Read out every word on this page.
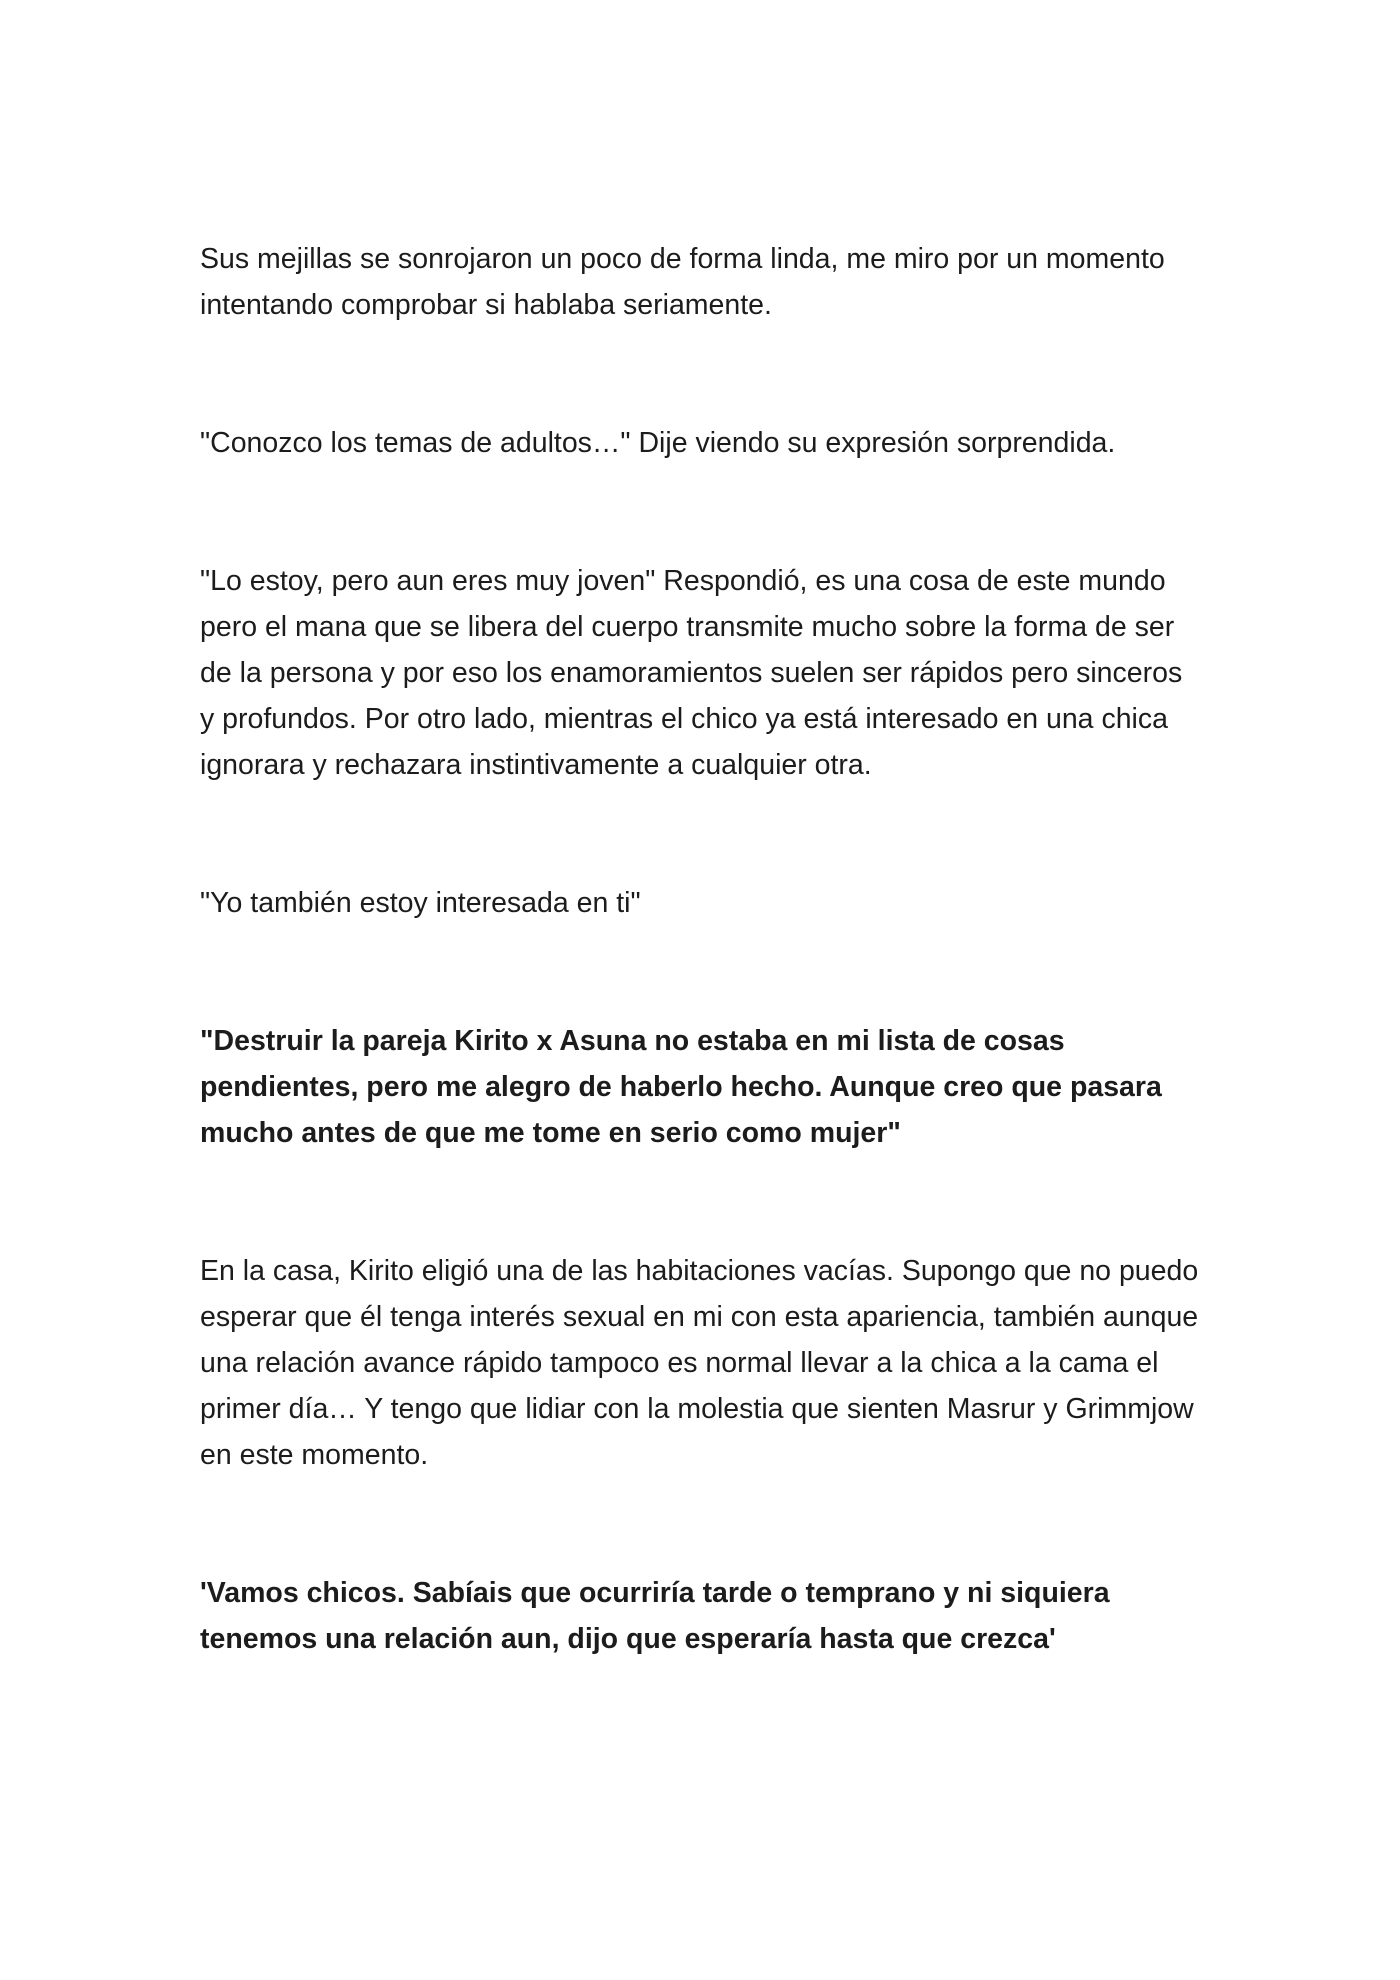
Sus mejillas se sonrojaron un poco de forma linda, me miro por un momento intentando comprobar si hablaba seriamente.

"Conozco los temas de adultos…" Dije viendo su expresión sorprendida.

"Lo estoy, pero aun eres muy joven" Respondió, es una cosa de este mundo pero el mana que se libera del cuerpo transmite mucho sobre la forma de ser de la persona y por eso los enamoramientos suelen ser rápidos pero sinceros y profundos. Por otro lado, mientras el chico ya está interesado en una chica ignorara y rechazara instintivamente a cualquier otra.

"Yo también estoy interesada en ti"

"Destruir la pareja Kirito x Asuna no estaba en mi lista de cosas pendientes, pero me alegro de haberlo hecho. Aunque creo que pasara mucho antes de que me tome en serio como mujer"

En la casa, Kirito eligió una de las habitaciones vacías. Supongo que no puedo esperar que él tenga interés sexual en mi con esta apariencia, también aunque una relación avance rápido tampoco es normal llevar a la chica a la cama el primer día… Y tengo que lidiar con la molestia que sienten Masrur y Grimmjow en este momento.

'Vamos chicos. Sabíais que ocurriría tarde o temprano y ni siquiera tenemos una relación aun, dijo que esperaría hasta que crezca'
